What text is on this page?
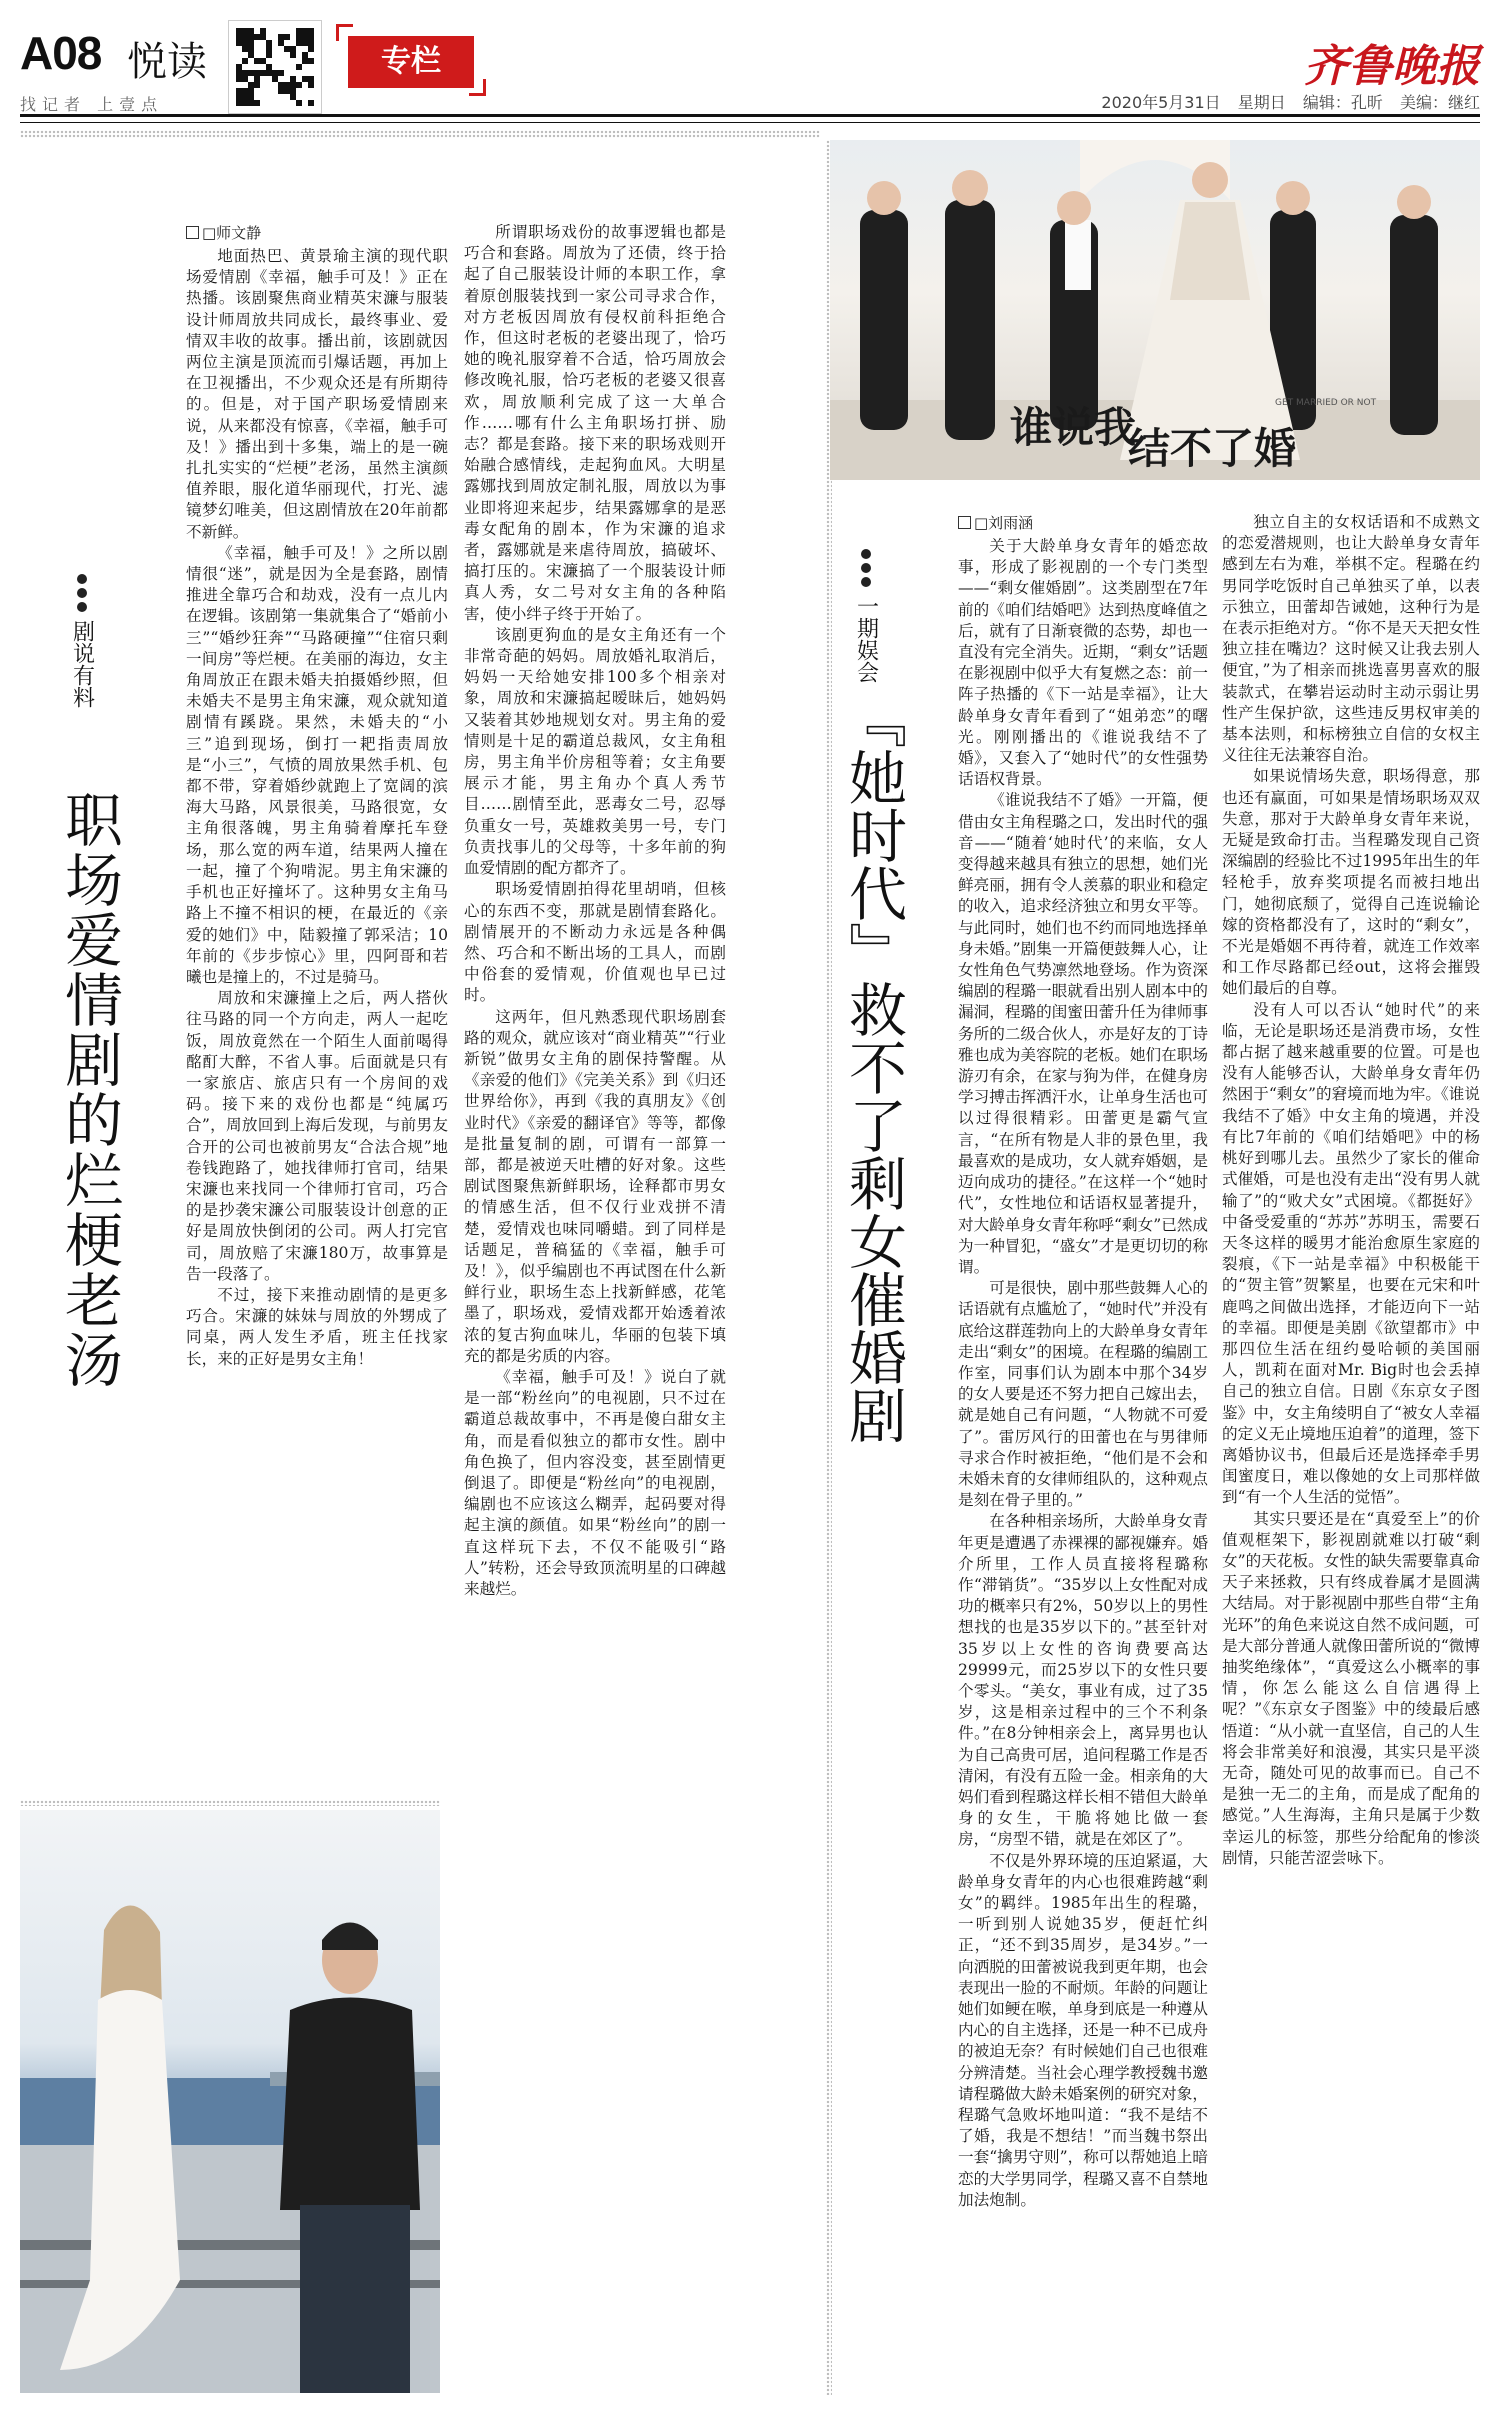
A08 悦读
找记者 上壹点
专栏	齐鲁晚报
2020年5月31日 星期日 编辑：孔昕 美编：继红
剧说有料
职场爱情剧的烂梗老汤
□师文静

地面热巴、黄景瑜主演的现代职场爱情剧《幸福，触手可及！》正在热播。该剧聚焦商业精英宋濂与服装设计师周放共同成长，最终事业、爱情双丰收的故事。播出前，该剧就因两位主演是顶流而引爆话题，再加上在卫视播出，不少观众还是有所期待的。但是，对于国产职场爱情剧来说，从来都没有惊喜，《幸福，触手可及！》播出到十多集，端上的是一碗扎扎实实的“烂梗”老汤，虽然主演颜值养眼，服化道华丽现代，打光、滤镜梦幻唯美，但这剧情放在20年前都不新鲜。

《幸福，触手可及！》之所以剧情很“迷”，就是因为全是套路，剧情推进全靠巧合和劫戏，没有一点儿内在逻辑。该剧第一集就集合了“婚前小三”“婚纱狂奔”“马路硬撞”“住宿只剩一间房”等烂梗。在美丽的海边，女主角周放正在跟未婚夫拍摄婚纱照，但未婚夫不是男主角宋濂，观众就知道剧情有蹊跷。果然，未婚夫的“小三”追到现场，倒打一耙指责周放是“小三”，气愤的周放果然手机、包都不带，穿着婚纱就跑上了宽阔的滨海大马路，风景很美，马路很宽，女主角很落魄，男主角骑着摩托车登场，那么宽的两车道，结果两人撞在一起，撞了个狗啃泥。男主角宋濂的手机也正好撞坏了。这种男女主角马路上不撞不相识的梗，在最近的《亲爱的她们》中，陆毅撞了郭采洁；10年前的《步步惊心》里，四阿哥和若曦也是撞上的，不过是骑马。

周放和宋濂撞上之后，两人搭伙往马路的同一个方向走，两人一起吃饭，周放竟然在一个陌生人面前喝得酩酊大醉，不省人事。后面就是只有一家旅店、旅店只有一个房间的戏码。接下来的戏份也都是“纯属巧合”，周放回到上海后发现，与前男友合开的公司也被前男友“合法合规”地卷钱跑路了，她找律师打官司，结果宋濂也来找同一个律师打官司，巧合的是抄袭宋濂公司服装设计创意的正好是周放快倒闭的公司。两人打完官司，周放赔了宋濂180万，故事算是告一段落了。

不过，接下来推动剧情的是更多巧合。宋濂的妹妹与周放的外甥成了同桌，两人发生矛盾，班主任找家长，来的正好是男女主角！

所谓职场戏份的故事逻辑也都是巧合和套路。周放为了还债，终于拾起了自己服装设计师的本职工作，拿着原创服装找到一家公司寻求合作，对方老板因周放有侵权前科拒绝合作，但这时老板的老婆出现了，恰巧她的晚礼服穿着不合适，恰巧周放会修改晚礼服，恰巧老板的老婆又很喜欢，周放顺利完成了这一大单合作……哪有什么主角职场打拼、励志？都是套路。接下来的职场戏则开始融合感情线，走起狗血风。大明星露娜找到周放定制礼服，周放以为事业即将迎来起步，结果露娜拿的是恶毒女配角的剧本，作为宋濂的追求者，露娜就是来虐待周放，搞破坏、搞打压的。宋濂搞了一个服装设计师真人秀，女二号对女主角的各种陷害，使小绊子终于开始了。

该剧更狗血的是女主角还有一个非常奇葩的妈妈。周放婚礼取消后，妈妈一天给她安排100多个相亲对象，周放和宋濂搞起暧昧后，她妈妈又装着其妙地规划女对。男主角的爱情则是十足的霸道总裁风，女主角租房，男主角半价房租等着；女主角要展示才能，男主角办个真人秀节目……剧情至此，恶毒女二号，忍辱负重女一号，英雄救美男一号，专门负责找事儿的父母等，十多年前的狗血爱情剧的配方都齐了。

职场爱情剧拍得花里胡哨，但核心的东西不变，那就是剧情套路化。剧情展开的不断动力永远是各种偶然、巧合和不断出场的工具人，而剧中俗套的爱情观，价值观也早已过时。

这两年，但凡熟悉现代职场剧套路的观众，就应该对“商业精英”“行业新锐”做男女主角的剧保持警醒。从《亲爱的他们》《完美关系》到《归还世界给你》，再到《我的真朋友》《创业时代》《亲爱的翻译官》等等，都像是批量复制的剧，可谓有一部算一部，都是被逆天吐槽的好对象。这些剧试图聚焦新鲜职场，诠释都市男女的情感生活，但不仅行业戏拼不清楚，爱情戏也味同嚼蜡。到了同样是话题足，普稿猛的《幸福，触手可及！》，似乎编剧也不再试图在什么新鲜行业，职场生态上找新鲜感，花笔墨了，职场戏，爱情戏都开始透着浓浓的复古狗血味儿，华丽的包装下填充的都是劣质的内容。

《幸福，触手可及！》说白了就是一部“粉丝向”的电视剧，只不过在霸道总裁故事中，不再是傻白甜女主角，而是看似独立的都市女性。剧中角色换了，但内容没变，甚至剧情更倒退了。即便是“粉丝向”的电视剧，编剧也不应该这么糊弄，起码要对得起主演的颜值。如果“粉丝向”的剧一直这样玩下去，不仅不能吸引“路人”转粉，还会导致顶流明星的口碑越来越烂。

谁说我
结不了婚
GET MARRIED OR NOT
一期娱会
『她时代』救不了剩女催婚剧
□刘雨涵

关于大龄单身女青年的婚恋故事，形成了影视剧的一个专门类型——“剩女催婚剧”。这类剧型在7年前的《咱们结婚吧》达到热度峰值之后，就有了日渐衰微的态势，却也一直没有完全消失。近期，“剩女”话题在影视剧中似乎大有复燃之态：前一阵子热播的《下一站是幸福》，让大龄单身女青年看到了“姐弟恋”的曙光。刚刚播出的《谁说我结不了婚》，又套入了“她时代”的女性强势话语权背景。

《谁说我结不了婚》一开篇，便借由女主角程璐之口，发出时代的强音——“随着‘她时代’的来临，女人变得越来越具有独立的思想，她们光鲜亮丽，拥有令人羡慕的职业和稳定的收入，追求经济独立和男女平等。与此同时，她们也不约而同地选择单身未婚。”剧集一开篇便鼓舞人心，让女性角色气势凛然地登场。作为资深编剧的程璐一眼就看出别人剧本中的漏洞，程璐的闺蜜田蕾升任为律师事务所的二级合伙人，亦是好友的丁诗雅也成为美容院的老板。她们在职场游刃有余，在家与狗为伴，在健身房学习搏击挥洒汗水，让单身生活也可以过得很精彩。田蕾更是霸气宣言，“在所有物是人非的景色里，我最喜欢的是成功，女人就弃婚姻，是迈向成功的捷径。”在这样一个“她时代”，女性地位和话语权显著提升，对大龄单身女青年称呼“剩女”已然成为一种冒犯，“盛女”才是更切切的称谓。

可是很快，剧中那些鼓舞人心的话语就有点尴尬了，“她时代”并没有底给这群莲勃向上的大龄单身女青年走出“剩女”的困境。在程璐的编剧工作室，同事们认为剧本中那个34岁的女人要是还不努力把自己嫁出去，就是她自己有问题，“人物就不可爱了”。雷厉风行的田蕾也在与男律师寻求合作时被拒绝，“他们是不会和未婚未育的女律师组队的，这种观点是刻在骨子里的。”

在各种相亲场所，大龄单身女青年更是遭遇了赤裸裸的鄙视嫌弃。婚介所里，工作人员直接将程璐称作“滞销货”。“35岁以上女性配对成功的概率只有2%，50岁以上的男性想找的也是35岁以下的。”甚至针对35岁以上女性的咨询费要高达29999元，而25岁以下的女性只要个零头。“美女，事业有成，过了35岁，这是相亲过程中的三个不利条件。”在8分钟相亲会上，离异男也认为自己高贵可居，追问程璐工作是否清闲，有没有五险一金。相亲角的大妈们看到程璐这样长相不错但大龄单身的女生，干脆将她比做一套房，“房型不错，就是在郊区了”。

不仅是外界环境的压迫紧逼，大龄单身女青年的内心也很难跨越“剩女”的羁绊。1985年出生的程璐，一听到别人说她35岁，便赶忙纠正，“还不到35周岁，是34岁。”一向洒脱的田蕾被说我到更年期，也会表现出一脸的不耐烦。年龄的问题让她们如鲠在喉，单身到底是一种遵从内心的自主选择，还是一种不已成舟的被迫无奈？有时候她们自己也很难分辨清楚。当社会心理学教授魏书邀请程璐做大龄未婚案例的研究对象，程璐气急败坏地叫道：“我不是结不了婚，我是不想结！”而当魏书祭出一套“擒男守则”，称可以帮她追上暗恋的大学男同学，程璐又喜不自禁地加法炮制。

独立自主的女权话语和不成熟文的恋爱潜规则，也让大龄单身女青年感到左右为难，举棋不定。程璐在约男同学吃饭时自己单独买了单，以表示独立，田蕾却告诫她，这种行为是在表示拒绝对方。“你不是天天把女性独立挂在嘴边？这时候又让我去别人便宜，”为了相亲而挑选喜男喜欢的服装款式，在攀岩运动时主动示弱让男性产生保护欲，这些违反男权审美的基本法则，和标榜独立自信的女权主义往往无法兼容自治。

如果说情场失意，职场得意，那也还有赢面，可如果是情场职场双双失意，那对于大龄单身女青年来说，无疑是致命打击。当程璐发现自己资深编剧的经验比不过1995年出生的年轻枪手，放弃奖项提名而被扫地出门，她彻底颓了，觉得自己连说输论嫁的资格都没有了，这时的“剩女”，不光是婚姻不再待着，就连工作效率和工作尽路都已经out，这将会摧毁她们最后的自尊。

没有人可以否认“她时代”的来临，无论是职场还是消费市场，女性都占据了越来越重要的位置。可是也没有人能够否认，大龄单身女青年仍然困于“剩女”的窘境而地为牢。《谁说我结不了婚》中女主角的境遇，并没有比7年前的《咱们结婚吧》中的杨桃好到哪儿去。虽然少了家长的催命式催婚，可是也没有走出“没有男人就输了”的“败犬女”式困境。《都挺好》中备受爱重的“苏苏”苏明玉，需要石天冬这样的暖男才能治愈原生家庭的裂痕，《下一站是幸福》中积极能干的“贺主管”贺繁星，也要在元宋和叶鹿鸣之间做出选择，才能迈向下一站的幸福。即便是美剧《欲望都市》中那四位生活在纽约曼哈顿的美国丽人，凯莉在面对Mr. Big时也会丢掉自己的独立自信。日剧《东京女子图鉴》中，女主角绫明自了“被女人幸福的定义无止境地压迫着”的道理，签下离婚协议书，但最后还是选择牵手男闺蜜度日，难以像她的女上司那样做到“有一个人生活的觉悟”。

其实只要还是在“真爱至上”的价值观框架下，影视剧就难以打破“剩女”的天花板。女性的缺失需要靠真命天子来拯救，只有终成眷属才是圆满大结局。对于影视剧中那些自带“主角光环”的角色来说这自然不成问题，可是大部分普通人就像田蕾所说的“微博抽奖绝缘体”，“真爱这么小概率的事情，你怎么能这么自信遇得上呢？”《东京女子图鉴》中的绫最后感悟道：“从小就一直坚信，自己的人生将会非常美好和浪漫，其实只是平淡无奇，随处可见的故事而已。自己不是独一无二的主角，而是成了配角的感觉。”人生海海，主角只是属于少数幸运儿的标签，那些分给配角的惨淡剧情，只能苦涩尝咏下。
